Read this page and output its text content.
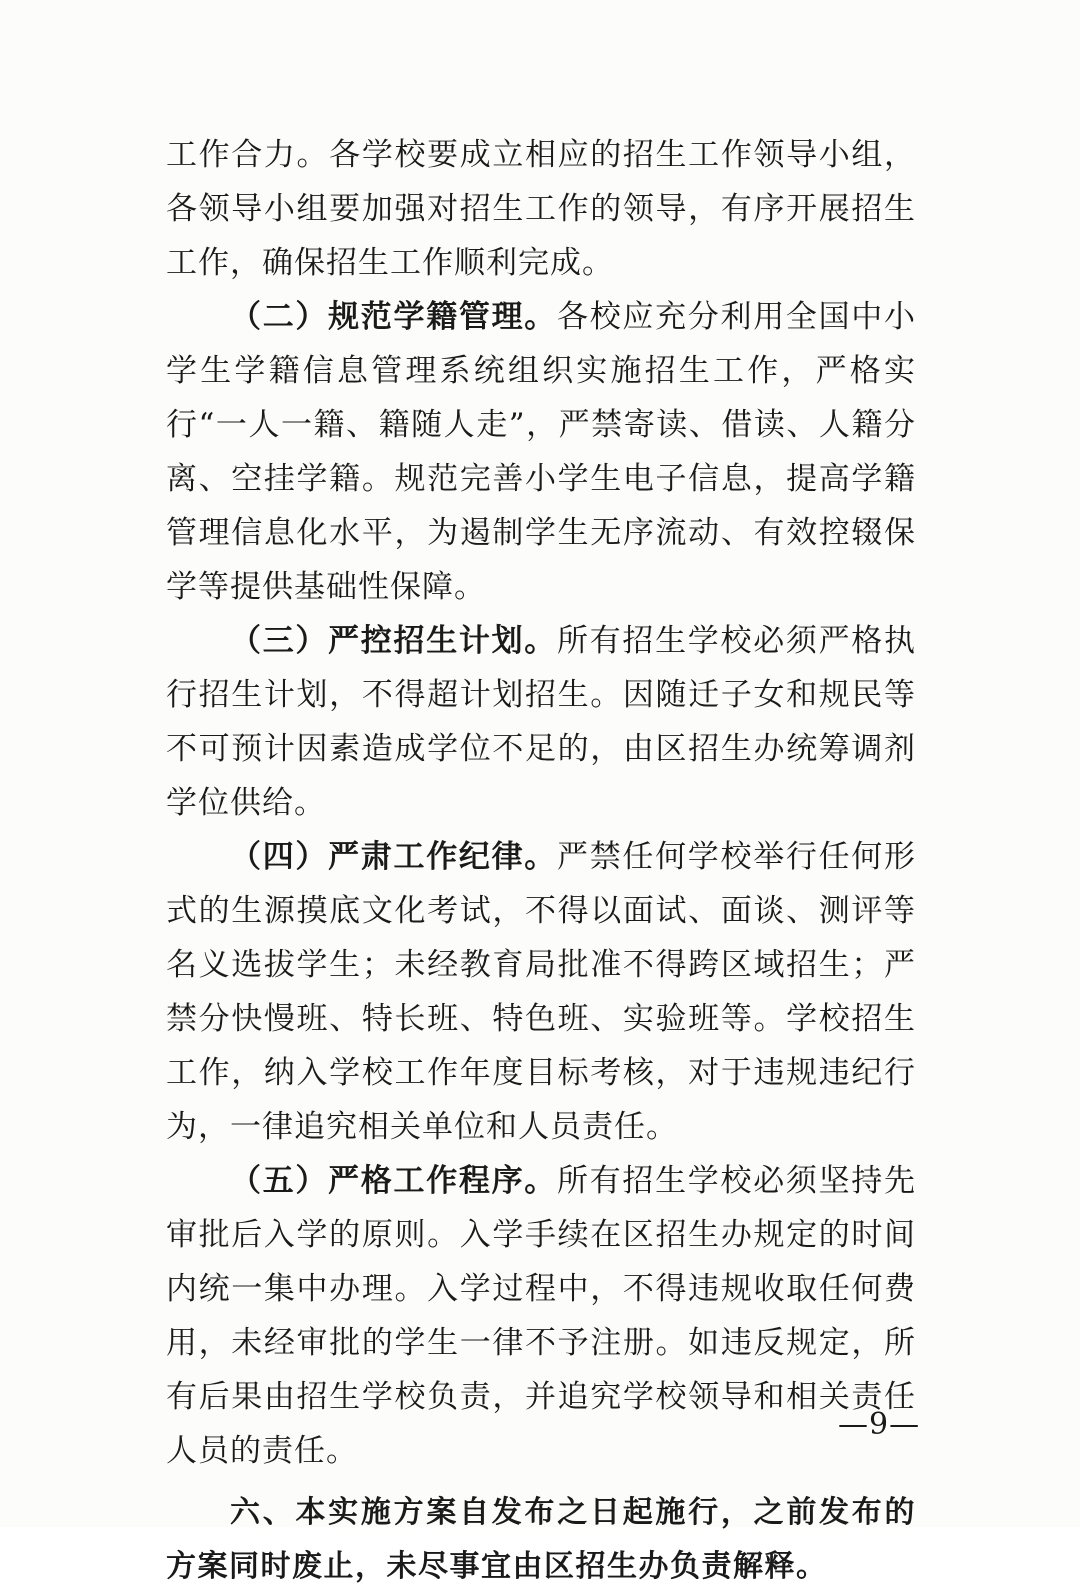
工作合力。各学校要成立相应的招生工作领导小组，各领导小组要加强对招生工作的领导，有序开展招生工作，确保招生工作顺利完成。

（二）规范学籍管理。各校应充分利用全国中小学生学籍信息管理系统组织实施招生工作，严格实行“一人一籍、籍随人走”，严禁寄读、借读、人籍分离、空挂学籍。规范完善小学生电子信息，提高学籍管理信息化水平，为遏制学生无序流动、有效控辍保学等提供基础性保障。

（三）严控招生计划。所有招生学校必须严格执行招生计划，不得超计划招生。因随迁子女和规民等不可预计因素造成学位不足的，由区招生办统筹调剂学位供给。

（四）严肃工作纪律。严禁任何学校举行任何形式的生源摸底文化考试，不得以面试、面谈、测评等名义选拔学生；未经教育局批准不得跨区域招生；严禁分快慢班、特长班、特色班、实验班等。学校招生工作，纳入学校工作年度目标考核，对于违规违纪行为，一律追究相关单位和人员责任。

（五）严格工作程序。所有招生学校必须坚持先审批后入学的原则。入学手续在区招生办规定的时间内统一集中办理。入学过程中，不得违规收取任何费用，未经审批的学生一律不予注册。如违反规定，所有后果由招生学校负责，并追究学校领导和相关责任人员的责任。

六、本实施方案自发布之日起施行，之前发布的方案同时废止，未尽事宜由区招生办负责解释。

—9—
